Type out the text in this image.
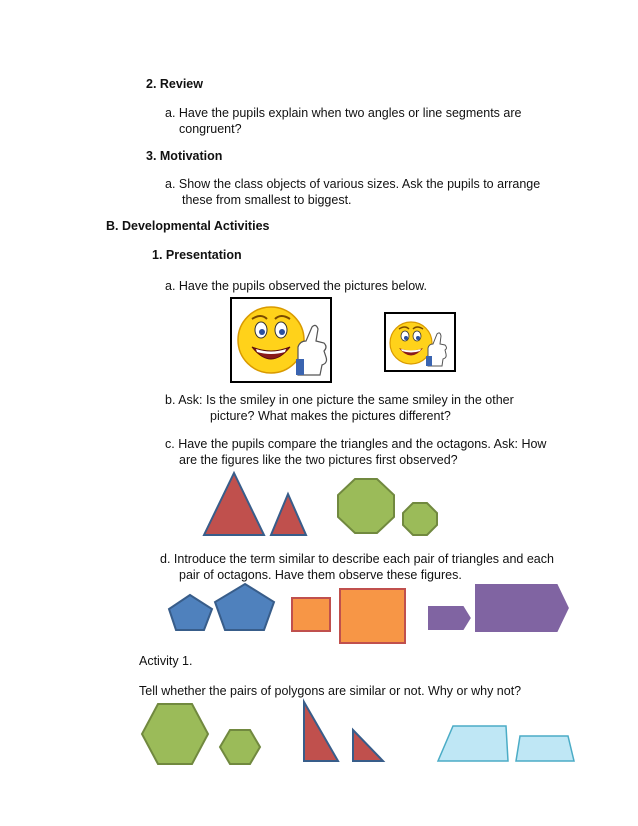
2. Review
a. Have the pupils explain when two angles or line segments are
congruent?
3. Motivation
a. Show the class objects of various sizes. Ask the pupils to arrange
these from smallest to biggest.
B. Developmental Activities
1. Presentation
a. Have the pupils observed the pictures below.
b. Ask: Is the smiley in one picture the same smiley in the other
picture? What makes the pictures different?
c. Have the pupils compare the triangles and the octagons. Ask: How
are the figures like the two pictures first observed?
d. Introduce the term similar to describe each pair of triangles and each
pair of octagons. Have them observe these figures.
Activity 1.
Tell whether the pairs of polygons are similar or not. Why or why not?
